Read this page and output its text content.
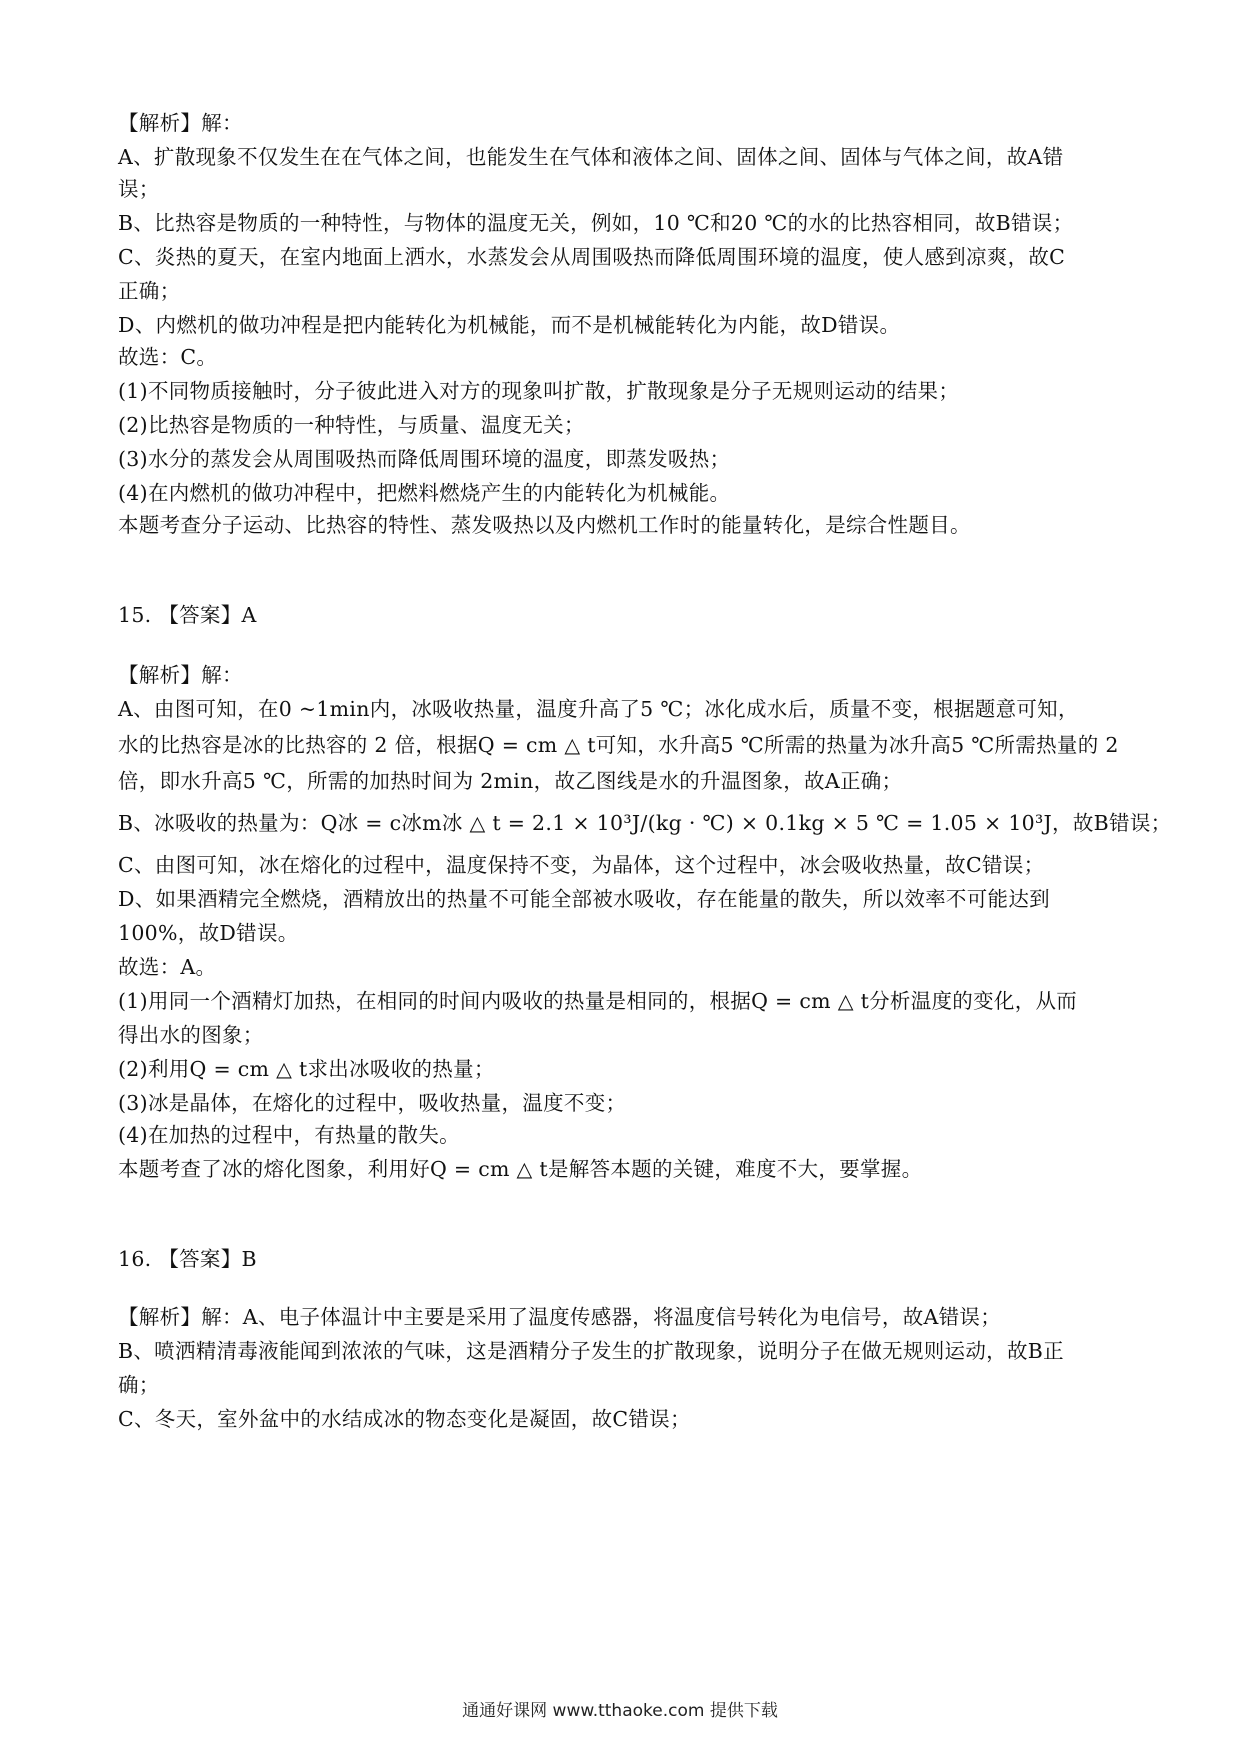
【解析】解：
A、扩散现象不仅发生在在气体之间，也能发生在气体和液体之间、固体之间、固体与气体之间，故A错
误；
B、比热容是物质的一种特性，与物体的温度无关，例如，10 ℃和20 ℃的水的比热容相同，故B错误；
C、炎热的夏天，在室内地面上洒水，水蒸发会从周围吸热而降低周围环境的温度，使人感到凉爽，故C
正确；
D、内燃机的做功冲程是把内能转化为机械能，而不是机械能转化为内能，故D错误。
故选：C。
(1)不同物质接触时，分子彼此进入对方的现象叫扩散，扩散现象是分子无规则运动的结果；
(2)比热容是物质的一种特性，与质量、温度无关；
(3)水分的蒸发会从周围吸热而降低周围环境的温度，即蒸发吸热；
(4)在内燃机的做功冲程中，把燃料燃烧产生的内能转化为机械能。
本题考查分子运动、比热容的特性、蒸发吸热以及内燃机工作时的能量转化，是综合性题目。
15. 【答案】A
【解析】解：
A、由图可知，在0 ~1min内，冰吸收热量，温度升高了5 ℃；冰化成水后，质量不变，根据题意可知，
水的比热容是冰的比热容的 2 倍，根据Q = cm △ t可知，水升高5 ℃所需的热量为冰升高5 ℃所需热量的 2
倍，即水升高5 ℃，所需的加热时间为 2min，故乙图线是水的升温图象，故A正确；
B、冰吸收的热量为：Q冰 = c冰m冰 △ t = 2.1 × 10³J/(kg · ℃) × 0.1kg × 5 ℃ = 1.05 × 10³J，故B错误；
C、由图可知，冰在熔化的过程中，温度保持不变，为晶体，这个过程中，冰会吸收热量，故C错误；
D、如果酒精完全燃烧，酒精放出的热量不可能全部被水吸收，存在能量的散失，所以效率不可能达到
100%，故D错误。
故选：A。
(1)用同一个酒精灯加热，在相同的时间内吸收的热量是相同的，根据Q = cm △ t分析温度的变化，从而
得出水的图象；
(2)利用Q = cm △ t求出冰吸收的热量；
(3)冰是晶体，在熔化的过程中，吸收热量，温度不变；
(4)在加热的过程中，有热量的散失。
本题考查了冰的熔化图象，利用好Q = cm △ t是解答本题的关键，难度不大，要掌握。
16. 【答案】B
【解析】解：A、电子体温计中主要是采用了温度传感器，将温度信号转化为电信号，故A错误；
B、喷洒精清毒液能闻到浓浓的气味，这是酒精分子发生的扩散现象，说明分子在做无规则运动，故B正
确；
C、冬天，室外盆中的水结成冰的物态变化是凝固，故C错误；
通通好课网 www.tthaoke.com 提供下载
